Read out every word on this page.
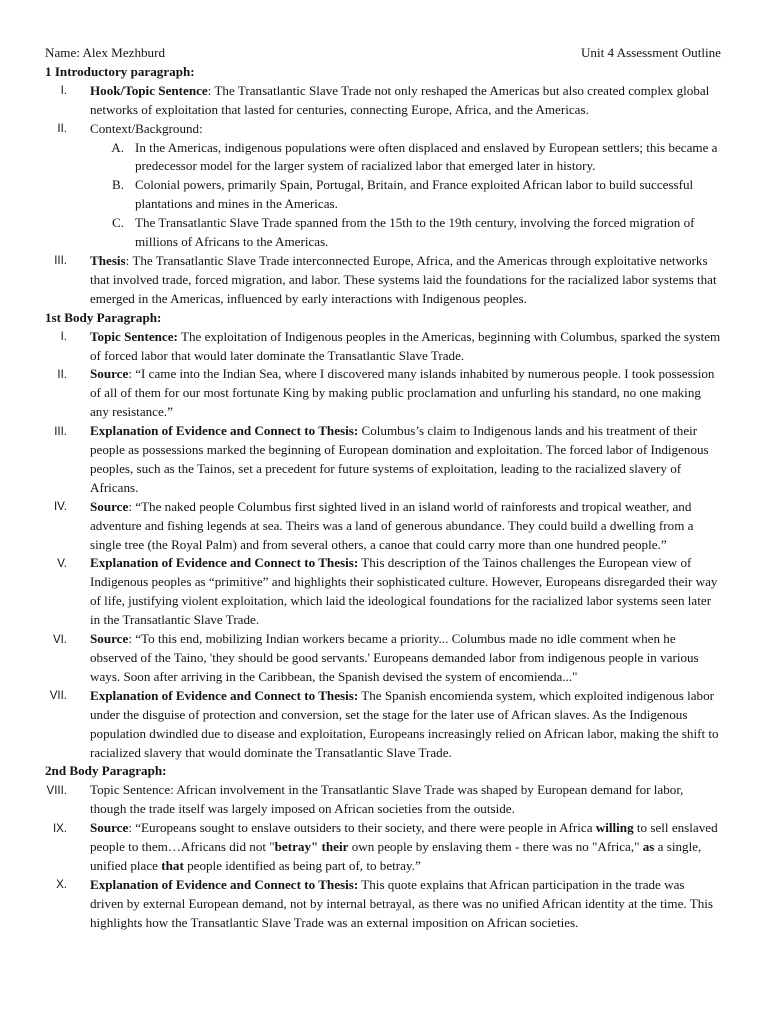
Name: Alex Mezhburd	Unit 4 Assessment Outline
1 Introductory paragraph:
I. Hook/Topic Sentence: The Transatlantic Slave Trade not only reshaped the Americas but also created complex global networks of exploitation that lasted for centuries, connecting Europe, Africa, and the Americas.
II. Context/Background:
A. In the Americas, indigenous populations were often displaced and enslaved by European settlers; this became a predecessor model for the larger system of racialized labor that emerged later in history.
B. Colonial powers, primarily Spain, Portugal, Britain, and France exploited African labor to build successful plantations and mines in the Americas.
C. The Transatlantic Slave Trade spanned from the 15th to the 19th century, involving the forced migration of millions of Africans to the Americas.
III. Thesis: The Transatlantic Slave Trade interconnected Europe, Africa, and the Americas through exploitative networks that involved trade, forced migration, and labor. These systems laid the foundations for the racialized labor systems that emerged in the Americas, influenced by early interactions with Indigenous peoples.
1st Body Paragraph:
I. Topic Sentence: The exploitation of Indigenous peoples in the Americas, beginning with Columbus, sparked the system of forced labor that would later dominate the Transatlantic Slave Trade.
II. Source: “I came into the Indian Sea, where I discovered many islands inhabited by numerous people. I took possession of all of them for our most fortunate King by making public proclamation and unfurling his standard, no one making any resistance.”
III. Explanation of Evidence and Connect to Thesis: Columbus’s claim to Indigenous lands and his treatment of their people as possessions marked the beginning of European domination and exploitation. The forced labor of Indigenous peoples, such as the Tainos, set a precedent for future systems of exploitation, leading to the racialized slavery of Africans.
IV. Source: “The naked people Columbus first sighted lived in an island world of rainforests and tropical weather, and adventure and fishing legends at sea. Theirs was a land of generous abundance. They could build a dwelling from a single tree (the Royal Palm) and from several others, a canoe that could carry more than one hundred people.”
V. Explanation of Evidence and Connect to Thesis: This description of the Tainos challenges the European view of Indigenous peoples as “primitive” and highlights their sophisticated culture. However, Europeans disregarded their way of life, justifying violent exploitation, which laid the ideological foundations for the racialized labor systems seen later in the Transatlantic Slave Trade.
VI. Source: “To this end, mobilizing Indian workers became a priority... Columbus made no idle comment when he observed of the Taino, 'they should be good servants.' Europeans demanded labor from indigenous people in various ways. Soon after arriving in the Caribbean, the Spanish devised the system of encomienda..."
VII. Explanation of Evidence and Connect to Thesis: The Spanish encomienda system, which exploited indigenous labor under the disguise of protection and conversion, set the stage for the later use of African slaves. As the Indigenous population dwindled due to disease and exploitation, Europeans increasingly relied on African labor, making the shift to racialized slavery that would dominate the Transatlantic Slave Trade.
2nd Body Paragraph:
VIII. Topic Sentence: African involvement in the Transatlantic Slave Trade was shaped by European demand for labor, though the trade itself was largely imposed on African societies from the outside.
IX. Source: “Europeans sought to enslave outsiders to their society, and there were people in Africa willing to sell enslaved people to them…Africans did not "betray" their own people by enslaving them - there was no "Africa," as a single, unified place that people identified as being part of, to betray.”
X. Explanation of Evidence and Connect to Thesis: This quote explains that African participation in the trade was driven by external European demand, not by internal betrayal, as there was no unified African identity at the time. This highlights how the Transatlantic Slave Trade was an external imposition on African societies.
